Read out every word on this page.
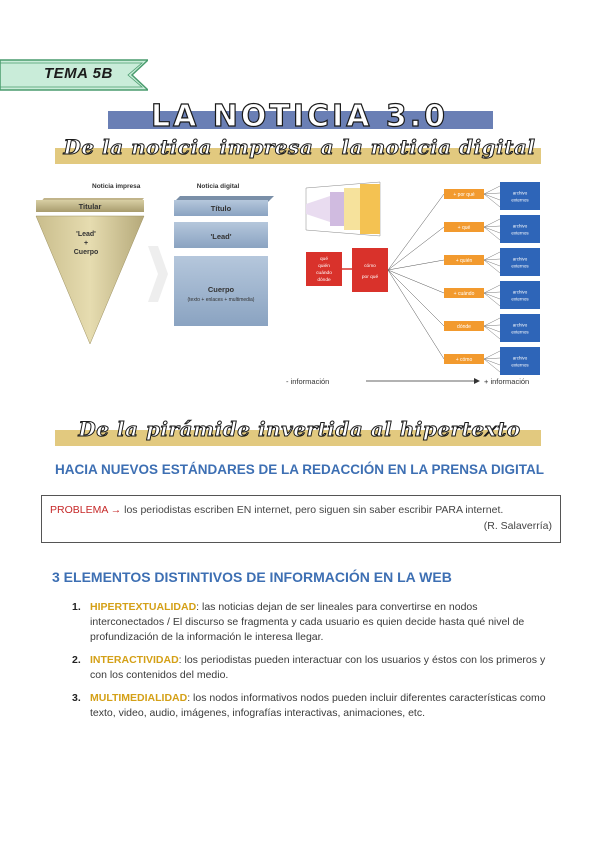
TEMA 5B
LA NOTICIA 3.0
De la noticia impresa a la noticia digital
Noticia impresa
Titular
'Lead'
+
Cuerpo
Noticia digital
Título
'Lead'
Cuerpo
(texto + enlaces + multimedia)
qué
quién
cuándo
dónde
cómo
por qué
+ por qué	archivo
externos
+ qué	archivo
externos
+ quién	archivo
externos
+ cuándo	archivo
externos
dónde	archivo
externos
+ cómo	archivo
externos
- información	+ información
De la pirámide invertida al hipertexto
HACIA NUEVOS ESTÁNDARES DE LA REDACCIÓN EN LA PRENSA DIGITAL
PROBLEMA → los periodistas escriben EN internet, pero siguen sin saber escribir PARA internet.
(R. Salaverría)
3 ELEMENTOS DISTINTIVOS DE INFORMACIÓN EN LA WEB
1. HIPERTEXTUALIDAD: las noticias dejan de ser lineales para convertirse en nodos interconectados / El discurso se fragmenta y cada usuario es quien decide hasta qué nivel de profundización de la información le interesa llegar.
2. INTERACTIVIDAD: los periodistas pueden interactuar con los usuarios y éstos con los primeros y con los contenidos del medio.
3. MULTIMEDIALIDAD: los nodos informativos nodos pueden incluir diferentes características como texto, video, audio, imágenes, infografías interactivas, animaciones, etc.
